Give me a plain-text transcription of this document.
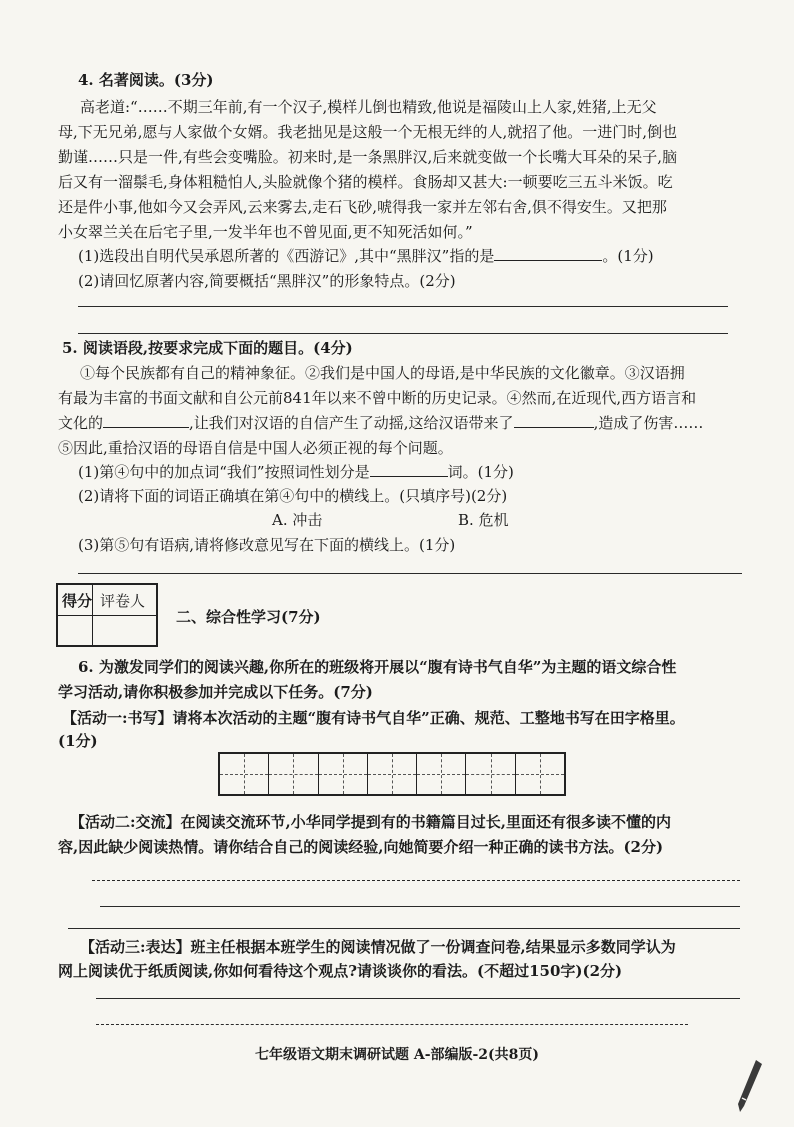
4. 名著阅读。(3分)
高老道:“……不期三年前,有一个汉子,模样儿倒也精致,他说是福陵山上人家,姓猪,上无父
母,下无兄弟,愿与人家做个女婿。我老拙见是这般一个无根无绊的人,就招了他。一进门时,倒也
勤谨……只是一件,有些会变嘴脸。初来时,是一条黑胖汉,后来就变做一个长嘴大耳朵的呆子,脑
后又有一溜鬃毛,身体粗糙怕人,头脸就像个猪的模样。食肠却又甚大:一顿要吃三五斗米饭。吃
还是件小事,他如今又会弄风,云来雾去,走石飞砂,唬得我一家并左邻右舍,俱不得安生。又把那
小女翠兰关在后宅子里,一发半年也不曾见面,更不知死活如何。”
(1)选段出自明代吴承恩所著的《西游记》,其中“黑胖汉”指的是	。(1分)
(2)请回忆原著内容,简要概括“黑胖汉”的形象特点。(2分)
5. 阅读语段,按要求完成下面的题目。(4分)
①每个民族都有自己的精神象征。②我们是中国人的母语,是中华民族的文化徽章。③汉语拥
有最为丰富的书面文献和自公元前841年以来不曾中断的历史记录。④然而,在近现代,西方语言和
文化的	,让我们对汉语的自信产生了动摇,这给汉语带来了	,造成了伤害……
⑤因此,重拾汉语的母语自信是中国人必须正视的每个问题。
(1)第④句中的加点词“我们”按照词性划分是	词。(1分)
(2)请将下面的词语正确填在第④句中的横线上。(只填序号)(2分)
A. 冲击	B. 危机
(3)第⑤句有语病,请将修改意见写在下面的横线上。(1分)
得分 评卷人
二、综合性学习(7分)
6. 为激发同学们的阅读兴趣,你所在的班级将开展以“腹有诗书气自华”为主题的语文综合性
学习活动,请你积极参加并完成以下任务。(7分)
【活动一:书写】请将本次活动的主题“腹有诗书气自华”正确、规范、工整地书写在田字格里。
(1分)
【活动二:交流】在阅读交流环节,小华同学提到有的书籍篇目过长,里面还有很多读不懂的内
容,因此缺少阅读热情。请你结合自己的阅读经验,向她简要介绍一种正确的读书方法。(2分)
【活动三:表达】班主任根据本班学生的阅读情况做了一份调查问卷,结果显示多数同学认为
网上阅读优于纸质阅读,你如何看待这个观点?请谈谈你的看法。(不超过150字)(2分)
七年级语文期末调研试题 A-部编版-2(共8页)
